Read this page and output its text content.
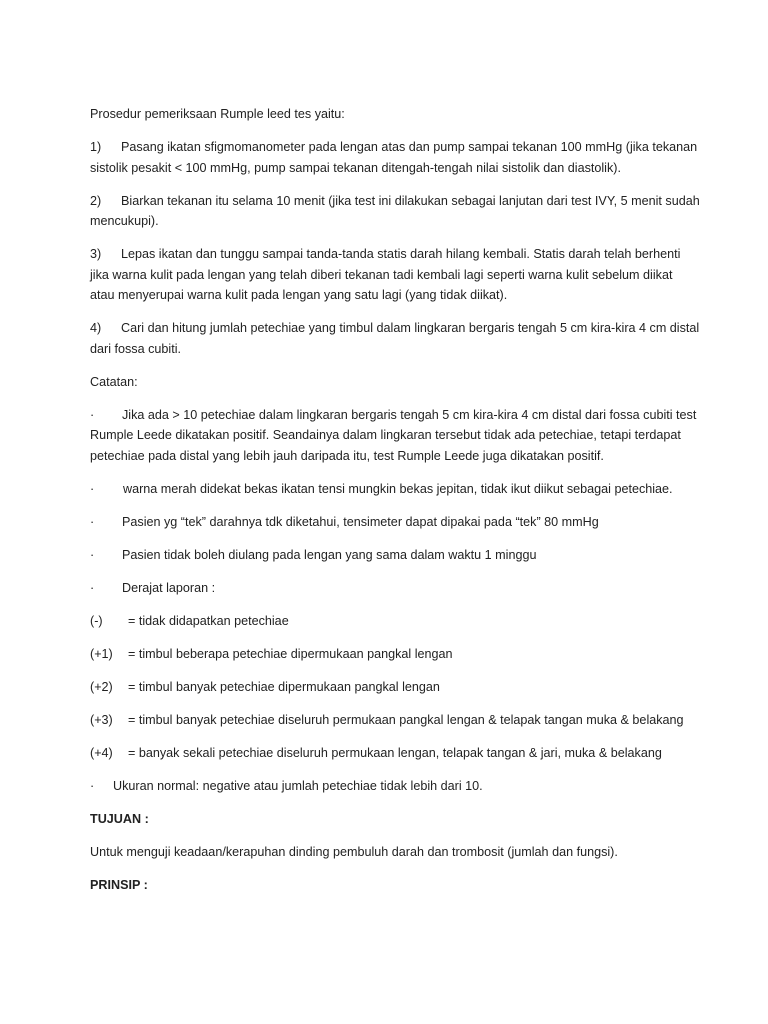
Prosedur pemeriksaan Rumple leed tes yaitu:

1) Pasang ikatan sfigmomanometer pada lengan atas dan pump sampai tekanan 100 mmHg (jika tekanan sistolik pesakit < 100 mmHg, pump sampai tekanan ditengah-tengah nilai sistolik dan diastolik).

2) Biarkan tekanan itu selama 10 menit (jika test ini dilakukan sebagai lanjutan dari test IVY, 5 menit sudah mencukupi).

3) Lepas ikatan dan tunggu sampai tanda-tanda statis darah hilang kembali. Statis darah telah berhenti jika warna kulit pada lengan yang telah diberi tekanan tadi kembali lagi seperti warna kulit sebelum diikat atau menyerupai warna kulit pada lengan yang satu lagi (yang tidak diikat).

4) Cari dan hitung jumlah petechiae yang timbul dalam lingkaran bergaris tengah 5 cm kira-kira 4 cm distal dari fossa cubiti.

Catatan:

· Jika ada > 10 petechiae dalam lingkaran bergaris tengah 5 cm kira-kira 4 cm distal dari fossa cubiti test Rumple Leede dikatakan positif. Seandainya dalam lingkaran tersebut tidak ada petechiae, tetapi terdapat petechiae pada distal yang lebih jauh daripada itu, test Rumple Leede juga dikatakan positif.

· warna merah didekat bekas ikatan tensi mungkin bekas jepitan, tidak ikut diikut sebagai petechiae.

· Pasien yg “tek” darahnya tdk diketahui, tensimeter dapat dipakai pada “tek” 80 mmHg

· Pasien tidak boleh diulang pada lengan yang sama dalam waktu 1 minggu

· Derajat laporan :

(-) = tidak didapatkan petechiae

(+1) = timbul beberapa petechiae dipermukaan pangkal lengan

(+2) = timbul banyak petechiae dipermukaan pangkal lengan

(+3) = timbul banyak petechiae diseluruh permukaan pangkal lengan & telapak tangan muka & belakang

(+4) = banyak sekali petechiae diseluruh permukaan lengan, telapak tangan & jari, muka & belakang

· Ukuran normal: negative atau jumlah petechiae tidak lebih dari 10.

TUJUAN :

Untuk menguji keadaan/kerapuhan dinding pembuluh darah dan trombosit (jumlah dan fungsi).

PRINSIP :
